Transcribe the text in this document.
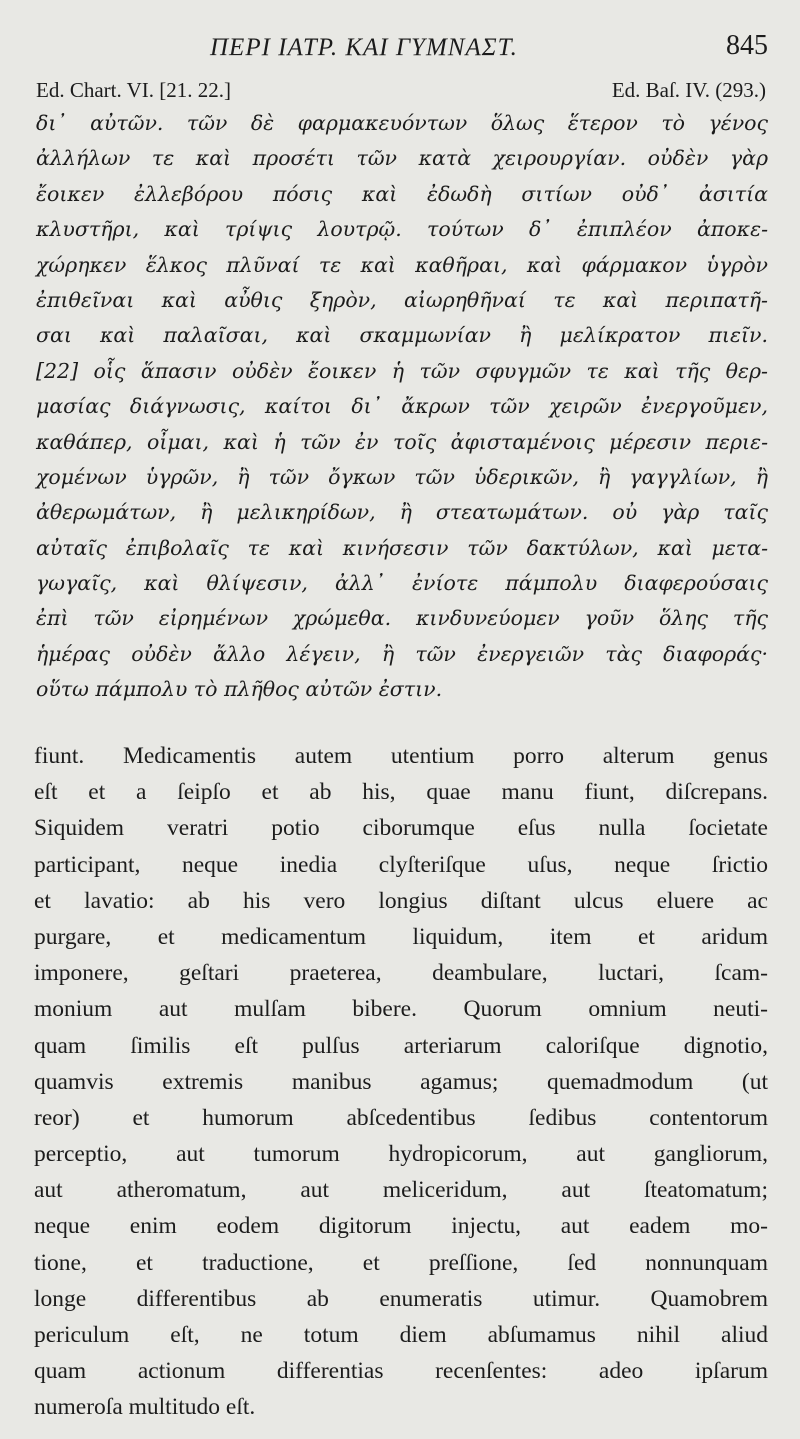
ΠΕΡΙ ΙΑΤΡ. ΚΑΙ ΓΥΜΝΑΣΤ.	845
Ed. Chart. VI. [21. 22.]	Ed. Baſ. IV. (293.)
δι᾽ αὐτῶν. τῶν δὲ φαρμακευόντων ὅλως ἕτερον τὸ γένος
ἀλλήλων τε καὶ προσέτι τῶν κατὰ χειρουργίαν. οὐδὲν γὰρ
ἔοικεν ἐλλεβόρου πόσις καὶ ἐδωδὴ σιτίων οὐδ᾽ ἀσιτία
κλυστῆρι, καὶ τρίψις λουτρῷ. τούτων δ᾽ ἐπιπλέον ἀποκε-
χώρηκεν ἕλκος πλῦναί τε καὶ καθῆραι, καὶ φάρμακον ὑγρὸν
ἐπιθεῖναι καὶ αὖθις ξηρὸν, αἰωρηθῆναί τε καὶ περιπατῆ-
σαι καὶ παλαῖσαι, καὶ σκαμμωνίαν ἢ μελίκρατον πιεῖν.
[22] οἷς ἅπασιν οὐδὲν ἔοικεν ἡ τῶν σφυγμῶν τε καὶ τῆς θερ-
μασίας διάγνωσις, καίτοι δι᾽ ἄκρων τῶν χειρῶν ἐνεργοῦμεν,
καθάπερ, οἶμαι, καὶ ἡ τῶν ἐν τοῖς ἀφισταμένοις μέρεσιν περιε-
χομένων ὑγρῶν, ἢ τῶν ὄγκων τῶν ὑδερικῶν, ἢ γαγγλίων, ἢ
ἀθερωμάτων, ἢ μελικηρίδων, ἢ στεατωμάτων. οὐ γὰρ ταῖς
αὐταῖς ἐπιβολαῖς τε καὶ κινήσεσιν τῶν δακτύλων, καὶ μετα-
γωγαῖς, καὶ θλίψεσιν, ἀλλ᾽ ἐνίοτε πάμπολυ διαφερούσαις
ἐπὶ τῶν εἰρημένων χρώμεθα. κινδυνεύομεν γοῦν ὅλης τῆς
ἡμέρας οὐδὲν ἄλλο λέγειν, ἢ τῶν ἐνεργειῶν τὰς διαφοράς·
οὕτω πάμπολυ τὸ πλῆθος αὐτῶν ἐστιν.
fiunt. Medicamentis autem utentium porro alterum genus
eſt et a ſeipſo et ab his, quae manu fiunt, diſcrepans.
Siquidem veratri potio ciborumque eſus nulla ſocietate
participant, neque inedia clyſteriſque uſus, neque ſrictio
et lavatio: ab his vero longius diſtant ulcus eluere ac
purgare, et medicamentum liquidum, item et aridum
imponere, geſtari praeterea, deambulare, luctari, ſcam-
monium aut mulſam bibere. Quorum omnium neuti-
quam ſimilis eſt pulſus arteriarum caloriſque dignotio,
quamvis extremis manibus agamus; quemadmodum (ut
reor) et humorum abſcedentibus ſedibus contentorum
perceptio, aut tumorum hydropicorum, aut gangliorum,
aut atheromatum, aut meliceridum, aut ſteatomatum;
neque enim eodem digitorum injectu, aut eadem mo-
tione, et traductione, et preſſione, ſed nonnunquam
longe differentibus ab enumeratis utimur. Quamobrem
periculum eſt, ne totum diem abſumamus nihil aliud
quam actionum differentias recenſentes: adeo ipſarum
numeroſa multitudo eſt.
